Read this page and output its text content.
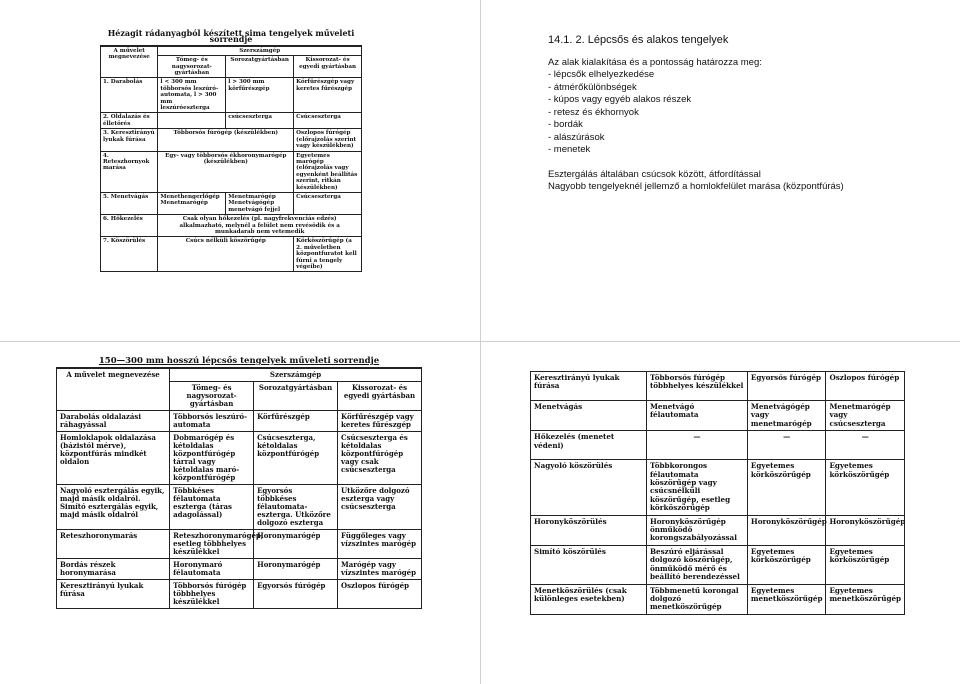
14.1. 2. Lépcsős és alakos tengelyek

Az alak kialakítása és a pontosság határozza meg:

- lépcsők elhelyezkedése
- átmérőkülönbségek
- kúpos vagy egyéb alakos részek
- retesz és ékhornyok
- bordák
- alászúrások
- menetek

Esztergálás általában csúcsok között, átfordítással

Nagyobb tengelyeknél jellemző a homlokfelület marása (központfúrás)

Hézagit rádanyagból készített sima tengelyek műveleti sorrendje
A művelet megnevezése	Szerszámgép		
	Tömeg- és nagysorozat-gyártásban	Sorozatgyártásban	Kissorozat- és egyedi gyártásban
1. Darabolás	l < 300 mm többorsós leszúró-automata, l > 300 mm leszúróeszterga	l > 300 mm körfűrészgép	Körfűrészgép vagy keretes fűrészgép
2. Oldalazás és élletörés		csúcseszterga	Csúcseszterga
3. Keresztirányú lyukak fúrása	Többorsós fúrógép (készülékben)		Oszlopos fúrógép (előrajzolás szerint vagy készülékben)
4. Reteszhornyok marása	Egy- vagy többorsós ékhoronymarógép (készülékben)		Egyetemes marógép (előrajzolás vagy egyenként beállítás szerint, ritkán készülékben)
5. Menetvágás	Menethengerlőgép Menetmarógép	Menetmarógép Menetvágógép menetvágó fejjel	Csúcseszterga
6. Hőkezelés	Csak olyan hőkezelés (pl. nagyfrekvenciás edzés) alkalmazható, melynél a felület nem revésödik és a munkadarab nem vetemedik		
7. Köszörülés	Csúcs nélküli köszörűgép		Körköszörűgép (a 2. műveletben központfuratot kell fúrni a tengely végeibe)
150—300 mm hosszú lépcsős tengelyek műveleti sorrendje
A művelet megnevezése	Szerszámgép		
	Tömeg- és nagysorozat-gyártásban	Sorozatgyártásban	Kissorozat- és egyedi gyártásban
Darabolás oldalazási ráhagyással	Többorsós leszúró-automata	Körfűrészgép	Körfűrészgép vagy keretes fűrészgép
Homloklapok oldalazása (bázistól mérve), központfúrás mindkét oldalon	Dobmarógép és kétoldalas központfúrógép tárral vagy kétoldalas maró-központfúrógép	Csúcseszterga, kétoldalas központfúrógép	Csúcseszterga és kétoldalas központfúrógép vagy csak csúcseszterga
Nagyoló esztergálás egyik, majd másik oldalról. Simító esztergálás egyik, majd másik oldalról	Többkéses félautomata eszterga (táras adagolással)	Egyorsós többkéses félautomata-eszterga. Utközőre dolgozó eszterga	Utközőre dolgozó eszterga vagy csúcseszterga
Reteszhoronymarás	Reteszhoronymarógép, esetleg többhelyes készülékkel	Horonymarógép	Függőleges vagy vízszintes marógép
Bordás részek horonymarása	Horonymaró félautomata	Horonymarógép	Marógép vagy vízszintes marógép
Keresztirányú lyukak fúrása	Többorsós fúrógép többhelyes készülékkel	Egyorsós fúrógép	Oszlopos fúrógép
Keresztirányú lyukak fúrása	Többorsós fúrógép többhelyes készülékkel	Egyorsós fúrógép	Oszlopos fúrógép
Menetvágás	Menetvágó félautomata	Menetvágógép vagy menetmarógép	Menetmarógép vagy csúcseszterga
Hőkezelés (menetet védeni)	—	—	—
Nagyoló köszörülés	Többkorongos félautomata köszörűgép vagy csúcsnélküli köszörűgép, esetleg körköszörűgép	Egyetemes körköszörűgép	Egyetemes körköszörűgép
Horonyköszörülés	Horonyköszörűgép önműködő korongszabályozással	Horonyköszörűgép	Horonyköszörűgép
Simító köszörülés	Beszúró eljárással dolgozó köszörűgép, önműködő mérő és beállító berendezéssel	Egyetemes körköszörűgép	Egyetemes körköszörűgép
Menetköszörülés (csak különleges esetekben)	Többmenetű korongal dolgozó menetköszörűgép	Egyetemes menetköszörűgép	Egyetemes menetköszörűgép
